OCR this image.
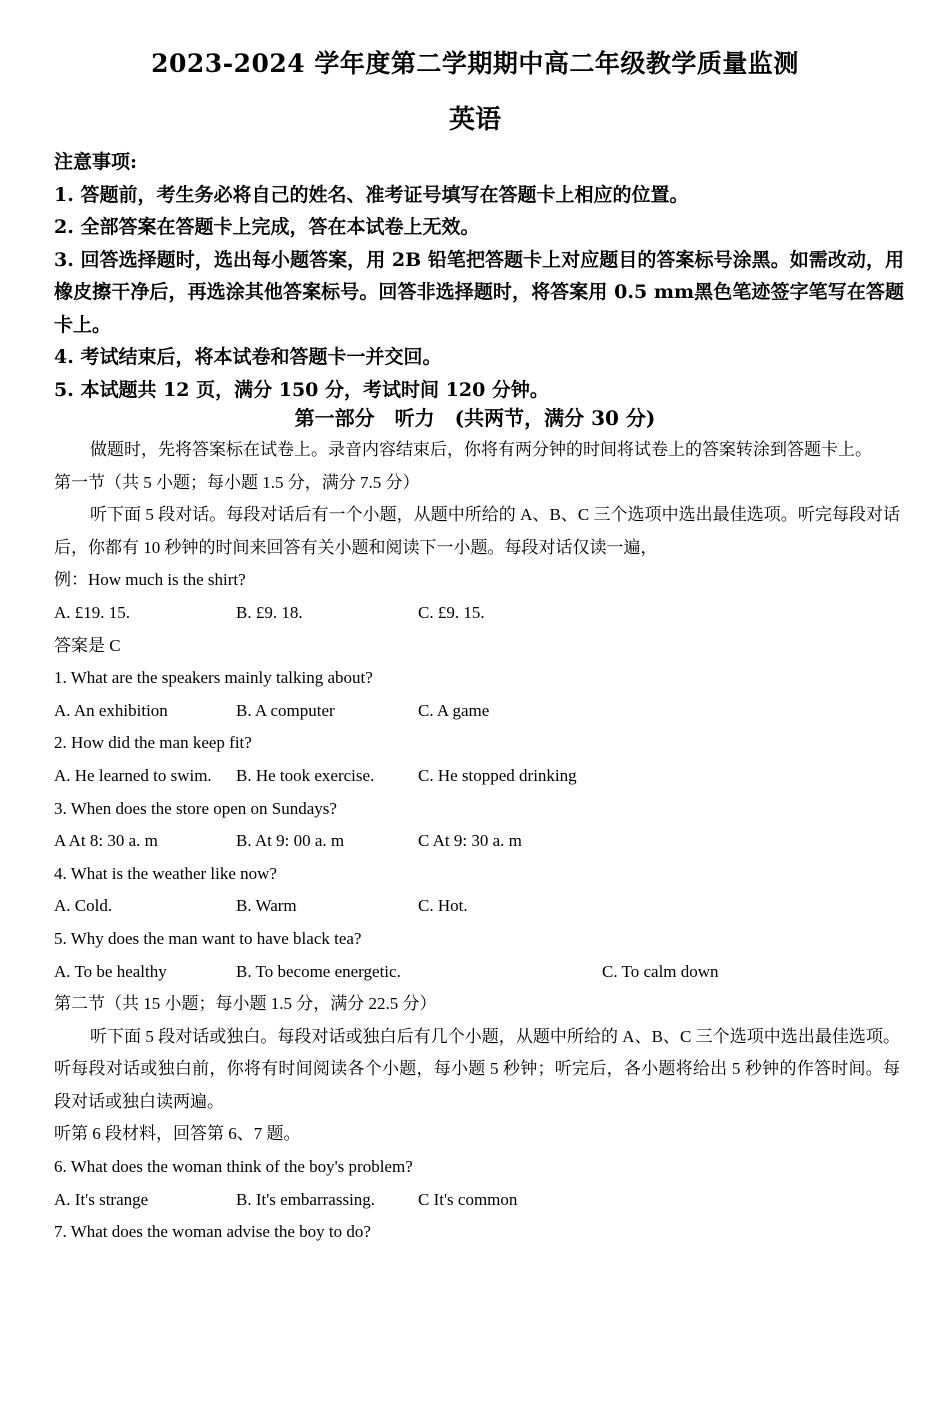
2023-2024 学年度第二学期期中高二年级教学质量监测
英语
注意事项:
1. 答题前，考生务必将自己的姓名、准考证号填写在答题卡上相应的位置。
2. 全部答案在答题卡上完成，答在本试卷上无效。
3. 回答选择题时，选出每小题答案，用 2B 铅笔把答题卡上对应题目的答案标号涂黑。如需改动，用橡皮擦干净后，再选涂其他答案标号。回答非选择题时，将答案用 0.5 mm黑色笔迹签字笔写在答题卡上。
4. 考试结束后，将本试卷和答题卡一并交回。
5. 本试题共 12 页，满分 150 分，考试时间 120 分钟。
第一部分　听力　(共两节，满分 30 分)
做题时，先将答案标在试卷上。录音内容结束后，你将有两分钟的时间将试卷上的答案转涂到答题卡上。
第一节（共 5 小题；每小题 1.5 分，满分 7.5 分）
听下面 5 段对话。每段对话后有一个小题，从题中所给的 A、B、C 三个选项中选出最佳选项。听完每段对话后，你都有 10 秒钟的时间来回答有关小题和阅读下一小题。每段对话仅读一遍，
例：How much is the shirt?
A. £19. 15.	B. £9. 18.	C. £9. 15.
答案是 C
1. What are the speakers mainly talking about?
A. An exhibition	B. A computer	C. A game
2. How did the man keep fit?
A. He learned to swim. B. He took exercise.	C. He stopped drinking
3. When does the store open on Sundays?
A At 8: 30 a. m	B. At 9: 00 a. m	C At 9: 30 a. m
4. What is the weather like now?
A. Cold.	B. Warm	C. Hot.
5. Why does the man want to have black tea?
A. To be healthy	B. To become energetic.	C. To calm down
第二节（共 15 小题；每小题 1.5 分，满分 22.5 分）
听下面 5 段对话或独白。每段对话或独白后有几个小题，从题中所给的 A、B、C 三个选项中选出最佳选项。听每段对话或独白前，你将有时间阅读各个小题，每小题 5 秒钟；听完后，各小题将给出 5 秒钟的作答时间。每段对话或独白读两遍。
听第 6 段材料，回答第 6、7 题。
6. What does the woman think of the boy's problem?
A. It's strange	B. It's embarrassing.	C It's common
7. What does the woman advise the boy to do?
